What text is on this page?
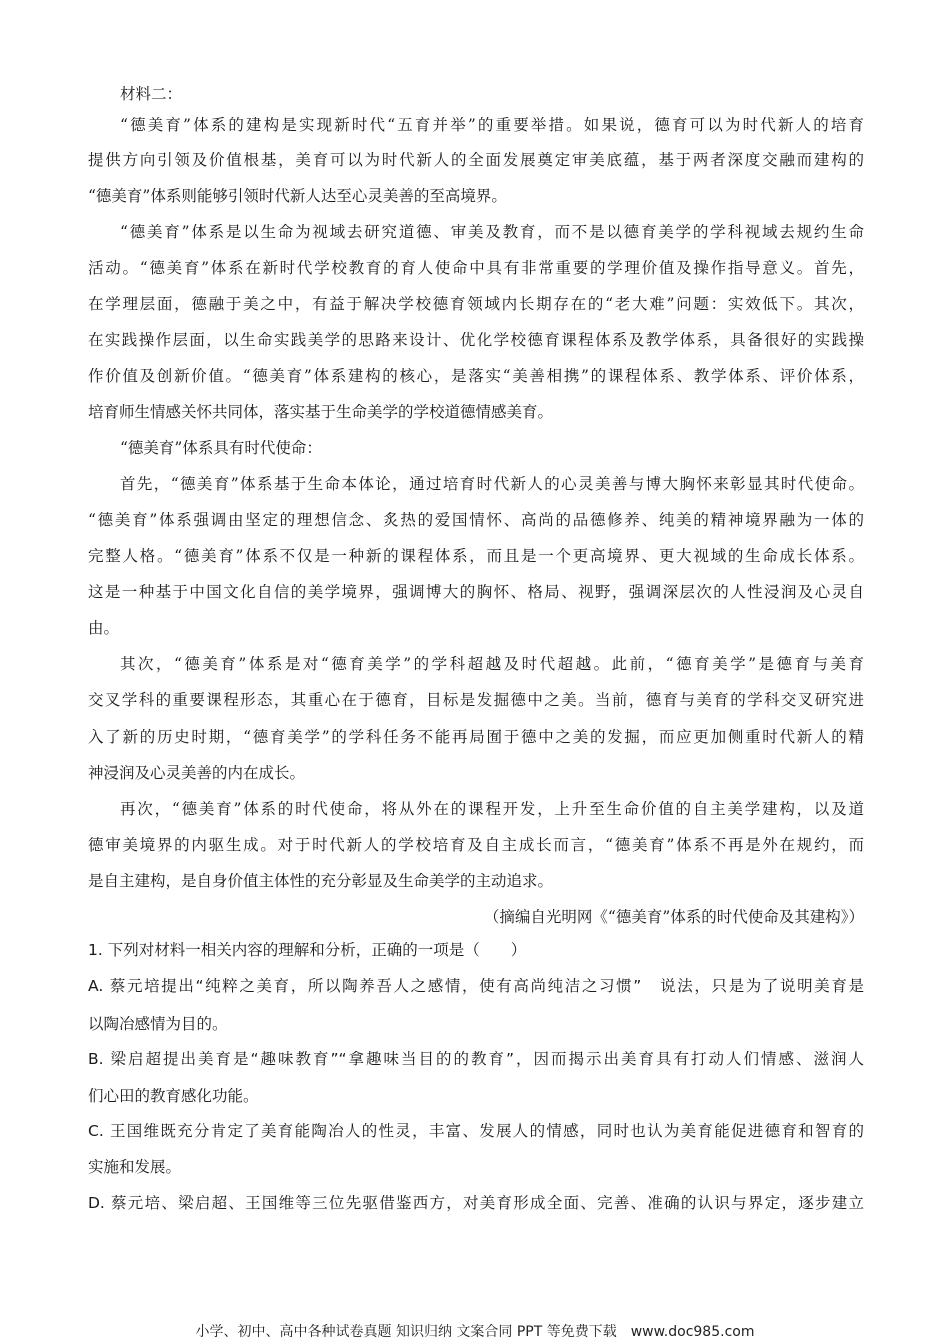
材料二：
“德美育”体系的建构是实现新时代“五育并举”的重要举措。如果说，德育可以为时代新人的培育
提供方向引领及价值根基，美育可以为时代新人的全面发展奠定审美底蕴，基于两者深度交融而建构的
“德美育”体系则能够引领时代新人达至心灵美善的至高境界。
“德美育”体系是以生命为视域去研究道德、审美及教育，而不是以德育美学的学科视域去规约生命
活动。“德美育”体系在新时代学校教育的育人使命中具有非常重要的学理价值及操作指导意义。首先，
在学理层面，德融于美之中，有益于解决学校德育领域内长期存在的“老大难”问题：实效低下。其次，
在实践操作层面，以生命实践美学的思路来设计、优化学校德育课程体系及教学体系，具备很好的实践操
作价值及创新价值。“德美育”体系建构的核心，是落实“美善相携”的课程体系、教学体系、评价体系，
培育师生情感关怀共同体，落实基于生命美学的学校道德情感美育。
“德美育”体系具有时代使命：
首先，“德美育”体系基于生命本体论，通过培育时代新人的心灵美善与博大胸怀来彰显其时代使命。
“德美育”体系强调由坚定的理想信念、炙热的爱国情怀、高尚的品德修养、纯美的精神境界融为一体的
完整人格。“德美育”体系不仅是一种新的课程体系，而且是一个更高境界、更大视域的生命成长体系。
这是一种基于中国文化自信的美学境界，强调博大的胸怀、格局、视野，强调深层次的人性浸润及心灵自
由。
其次，“德美育”体系是对“德育美学”的学科超越及时代超越。此前，“德育美学”是德育与美育
交叉学科的重要课程形态，其重心在于德育，目标是发掘德中之美。当前，德育与美育的学科交叉研究进
入了新的历史时期，“德育美学”的学科任务不能再局囿于德中之美的发掘，而应更加侧重时代新人的精
神浸润及心灵美善的内在成长。
再次，“德美育”体系的时代使命，将从外在的课程开发，上升至生命价值的自主美学建构，以及道
德审美境界的内驱生成。对于时代新人的学校培育及自主成长而言，“德美育”体系不再是外在规约，而
是自主建构，是自身价值主体性的充分彰显及生命美学的主动追求。
（摘编自光明网《“德美育”体系的时代使命及其建构》）
1. 下列对材料一相关内容的理解和分析，正确的一项是（　　）
A. 蔡元培提出“纯粹之美育，所以陶养吾人之感情，使有高尚纯洁之习惯”　说法，只是为了说明美育是
以陶冶感情为目的。
B. 梁启超提出美育是“趣味教育”“拿趣味当目的的教育”，因而揭示出美育具有打动人们情感、滋润人
们心田的教育感化功能。
C. 王国维既充分肯定了美育能陶冶人的性灵，丰富、发展人的情感，同时也认为美育能促进德育和智育的
实施和发展。
D. 蔡元培、梁启超、王国维等三位先驱借鉴西方，对美育形成全面、完善、准确的认识与界定，逐步建立
小学、初中、高中各种试卷真题 知识归纳 文案合同 PPT 等免费下载　www.doc985.com
